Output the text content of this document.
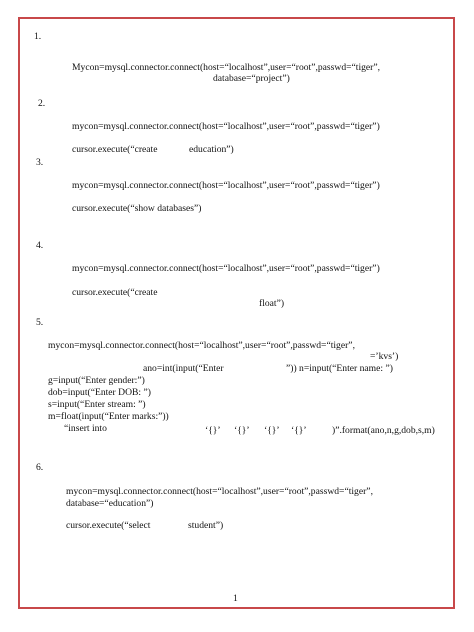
1.
Mycon=mysql.connector.connect(host=“localhost”,user=“root”,passwd=“tiger”,
database=“project”)
2.
mycon=mysql.connector.connect(host=“localhost”,user=“root”,passwd=“tiger”)
cursor.execute(“create	education”)
3.
mycon=mysql.connector.connect(host=“localhost”,user=“root”,passwd=“tiger”)
cursor.execute(“show databases”)
4.
mycon=mysql.connector.connect(host=“localhost”,user=“root”,passwd=“tiger”)
cursor.execute(“create
float”)
5.
mycon=mysql.connector.connect(host=“localhost”,user=“root”,passwd=“tiger”,
=’kvs’)
ano=int(input(“Enter	”)) n=input(“Enter name: ”)
g=input(“Enter gender:”)
dob=input(“Enter DOB: ”)
s=input(“Enter stream: ”)
m=float(input(“Enter marks:”))
“insert into	‘{}’ ‘{}’ ‘{}’ ‘{}’	)”.format(ano,n,g,dob,s,m)
6.
mycon=mysql.connector.connect(host=“localhost”,user=“root”,passwd=“tiger”,
database=“education”)
cursor.execute(“select	student”)
1
